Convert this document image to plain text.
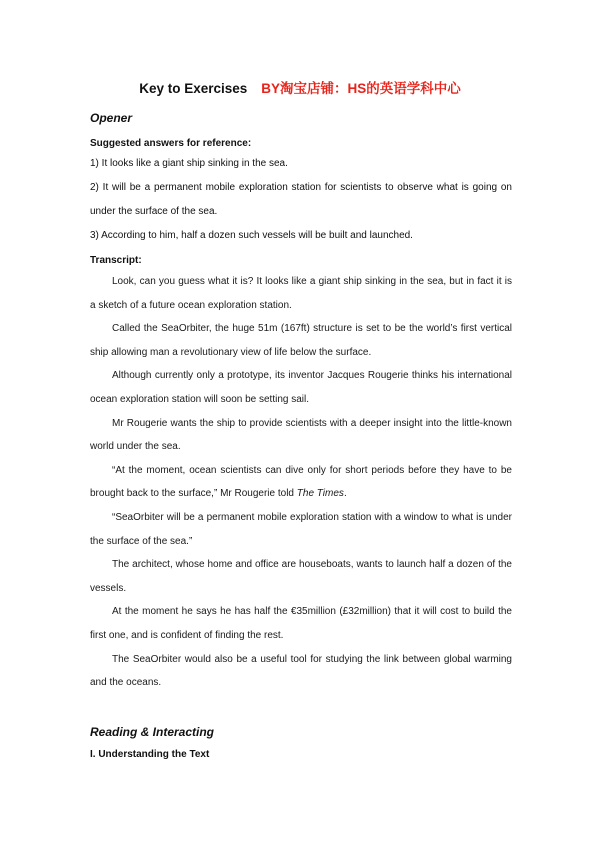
Key to Exercises BY淘宝店铺：HS的英语学科中心
Opener
Suggested answers for reference:
1) It looks like a giant ship sinking in the sea.
2) It will be a permanent mobile exploration station for scientists to observe what is going on under the surface of the sea.
3) According to him, half a dozen such vessels will be built and launched.
Transcript:

Look, can you guess what it is? It looks like a giant ship sinking in the sea, but in fact it is a sketch of a future ocean exploration station.

Called the SeaOrbiter, the huge 51m (167ft) structure is set to be the world’s first vertical ship allowing man a revolutionary view of life below the surface.

Although currently only a prototype, its inventor Jacques Rougerie thinks his international ocean exploration station will soon be setting sail.

Mr Rougerie wants the ship to provide scientists with a deeper insight into the little-known world under the sea.

“At the moment, ocean scientists can dive only for short periods before they have to be brought back to the surface,” Mr Rougerie told The Times.

“SeaOrbiter will be a permanent mobile exploration station with a window to what is under the surface of the sea.”

The architect, whose home and office are houseboats, wants to launch half a dozen of the vessels.

At the moment he says he has half the €35million (£32million) that it will cost to build the first one, and is confident of finding the rest.

The SeaOrbiter would also be a useful tool for studying the link between global warming and the oceans.

Reading & Interacting
I. Understanding the Text
